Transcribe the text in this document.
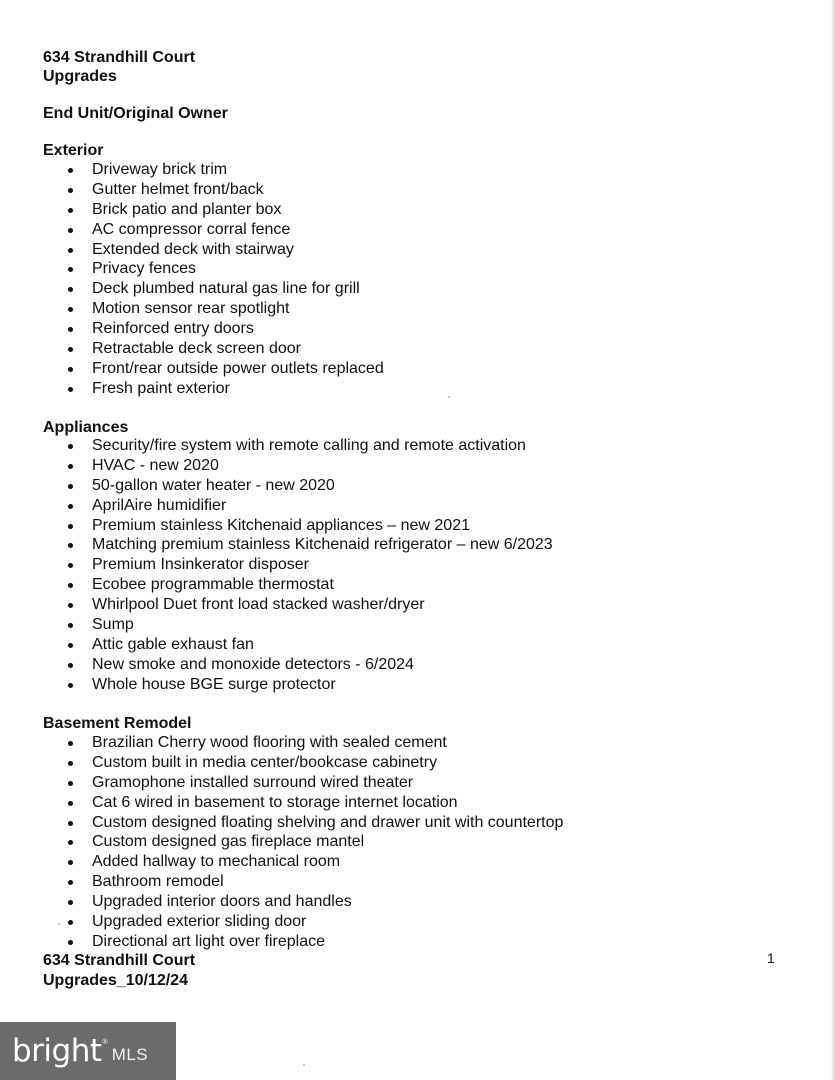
634 Strandhill Court
Upgrades
End Unit/Original Owner
Exterior
Driveway brick trim
Gutter helmet front/back
Brick patio and planter box
AC compressor corral fence
Extended deck with stairway
Privacy fences
Deck plumbed natural gas line for grill
Motion sensor rear spotlight
Reinforced entry doors
Retractable deck screen door
Front/rear outside power outlets replaced
Fresh paint exterior
Appliances
Security/fire system with remote calling and remote activation
HVAC - new 2020
50-gallon water heater - new 2020
AprilAire humidifier
Premium stainless Kitchenaid appliances – new 2021
Matching premium stainless Kitchenaid refrigerator – new 6/2023
Premium Insinkerator disposer
Ecobee programmable thermostat
Whirlpool Duet front load stacked washer/dryer
Sump
Attic gable exhaust fan
New smoke and monoxide detectors - 6/2024
Whole house BGE surge protector
Basement Remodel
Brazilian Cherry wood flooring with sealed cement
Custom built in media center/bookcase cabinetry
Gramophone installed surround wired theater
Cat 6 wired in basement to storage internet location
Custom designed floating shelving and drawer unit with countertop
Custom designed gas fireplace mantel
Added hallway to mechanical room
Bathroom remodel
Upgraded interior doors and handles
Upgraded exterior sliding door
Directional art light over fireplace
634 Strandhill Court
Upgrades_10/12/24
1
bright ®
MLS
